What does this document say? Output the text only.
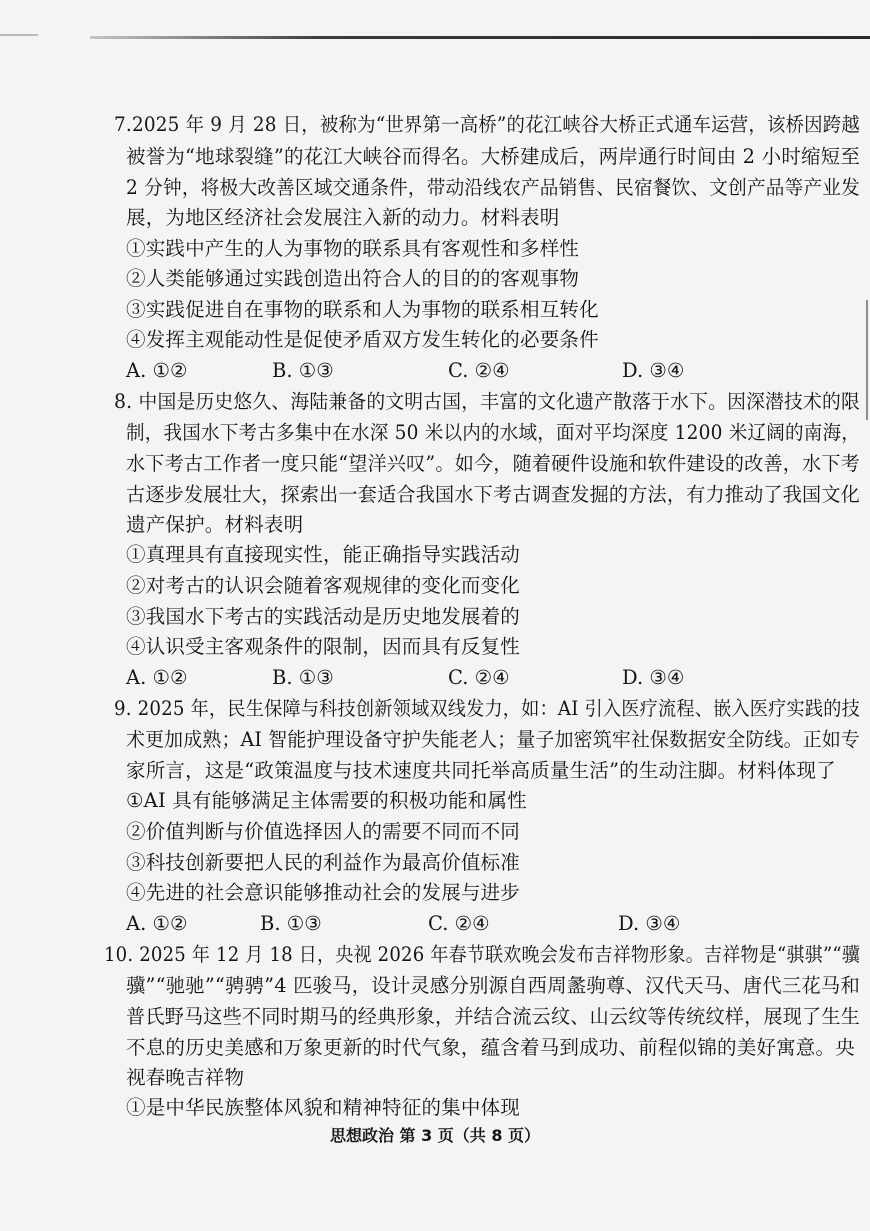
7.2025 年 9 月 28 日，被称为“世界第一高桥”的花江峡谷大桥正式通车运营，该桥因跨越
被誉为“地球裂缝”的花江大峡谷而得名。大桥建成后，两岸通行时间由 2 小时缩短至
2 分钟，将极大改善区域交通条件，带动沿线农产品销售、民宿餐饮、文创产品等产业发
展，为地区经济社会发展注入新的动力。材料表明
①实践中产生的人为事物的联系具有客观性和多样性
②人类能够通过实践创造出符合人的目的的客观事物
③实践促进自在事物的联系和人为事物的联系相互转化
④发挥主观能动性是促使矛盾双方发生转化的必要条件
A. ①②	B. ①③	C. ②④	D. ③④
8. 中国是历史悠久、海陆兼备的文明古国，丰富的文化遗产散落于水下。因深潜技术的限
制，我国水下考古多集中在水深 50 米以内的水域，面对平均深度 1200 米辽阔的南海，
水下考古工作者一度只能“望洋兴叹”。如今，随着硬件设施和软件建设的改善，水下考
古逐步发展壮大，探索出一套适合我国水下考古调查发掘的方法，有力推动了我国文化
遗产保护。材料表明
①真理具有直接现实性，能正确指导实践活动
②对考古的认识会随着客观规律的变化而变化
③我国水下考古的实践活动是历史地发展着的
④认识受主客观条件的限制，因而具有反复性
A. ①②	B. ①③	C. ②④	D. ③④
9. 2025 年，民生保障与科技创新领域双线发力，如：AI 引入医疗流程、嵌入医疗实践的技
术更加成熟；AI 智能护理设备守护失能老人；量子加密筑牢社保数据安全防线。正如专
家所言，这是“政策温度与技术速度共同托举高质量生活”的生动注脚。材料体现了
①AI 具有能够满足主体需要的积极功能和属性
②价值判断与价值选择因人的需要不同而不同
③科技创新要把人民的利益作为最高价值标准
④先进的社会意识能够推动社会的发展与进步
A. ①②	B. ①③	C. ②④	D. ③④
10. 2025 年 12 月 18 日，央视 2026 年春节联欢晚会发布吉祥物形象。吉祥物是“骐骐”“骥
骥”“驰驰”“骋骋”4 匹骏马，设计灵感分别源自西周盠驹尊、汉代天马、唐代三花马和
普氏野马这些不同时期马的经典形象，并结合流云纹、山云纹等传统纹样，展现了生生
不息的历史美感和万象更新的时代气象，蕴含着马到成功、前程似锦的美好寓意。央
视春晚吉祥物
①是中华民族整体风貌和精神特征的集中体现
思想政治 第 3 页（共 8 页）
